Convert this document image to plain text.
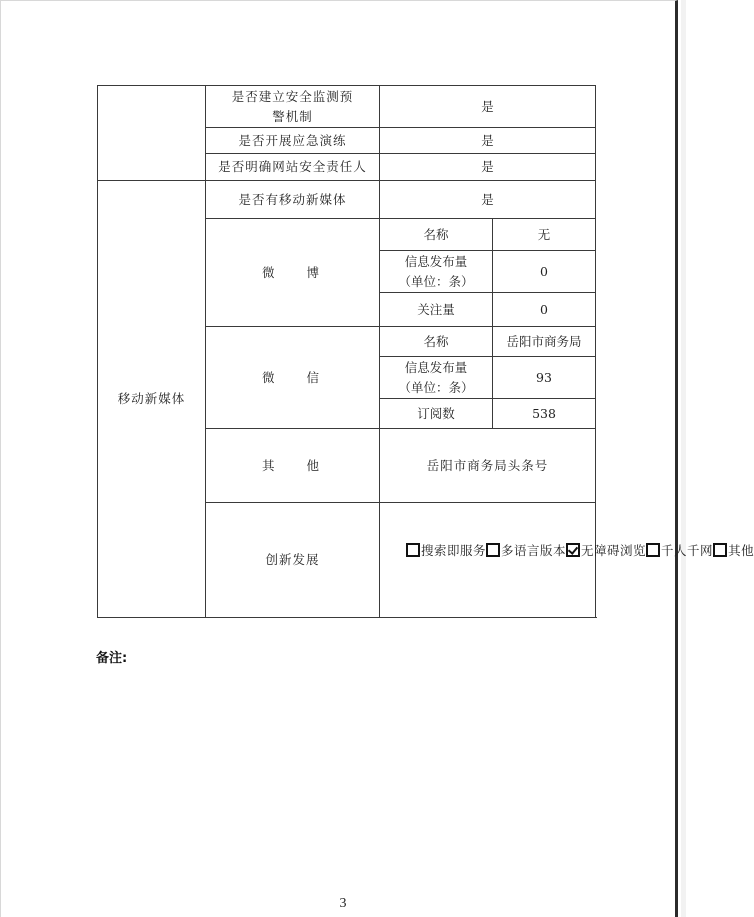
	是否建立安全监测预警机制	是	
	是否开展应急演练	是	
	是否明确网站安全责任人	是	
移动新媒体	是否有移动新媒体	是	
	微 博	名称	无

		信息发布量
（单位：条）	0
		关注量	0
	微 信	名称	岳阳市商务局

		信息发布量
（单位：条）	93
		订阅数	538
	其 他	岳阳市商务局头条号	
	创新发展	搜索即服务 多语言版本 无障碍浏览 千人千网 其他	
备注:
3
